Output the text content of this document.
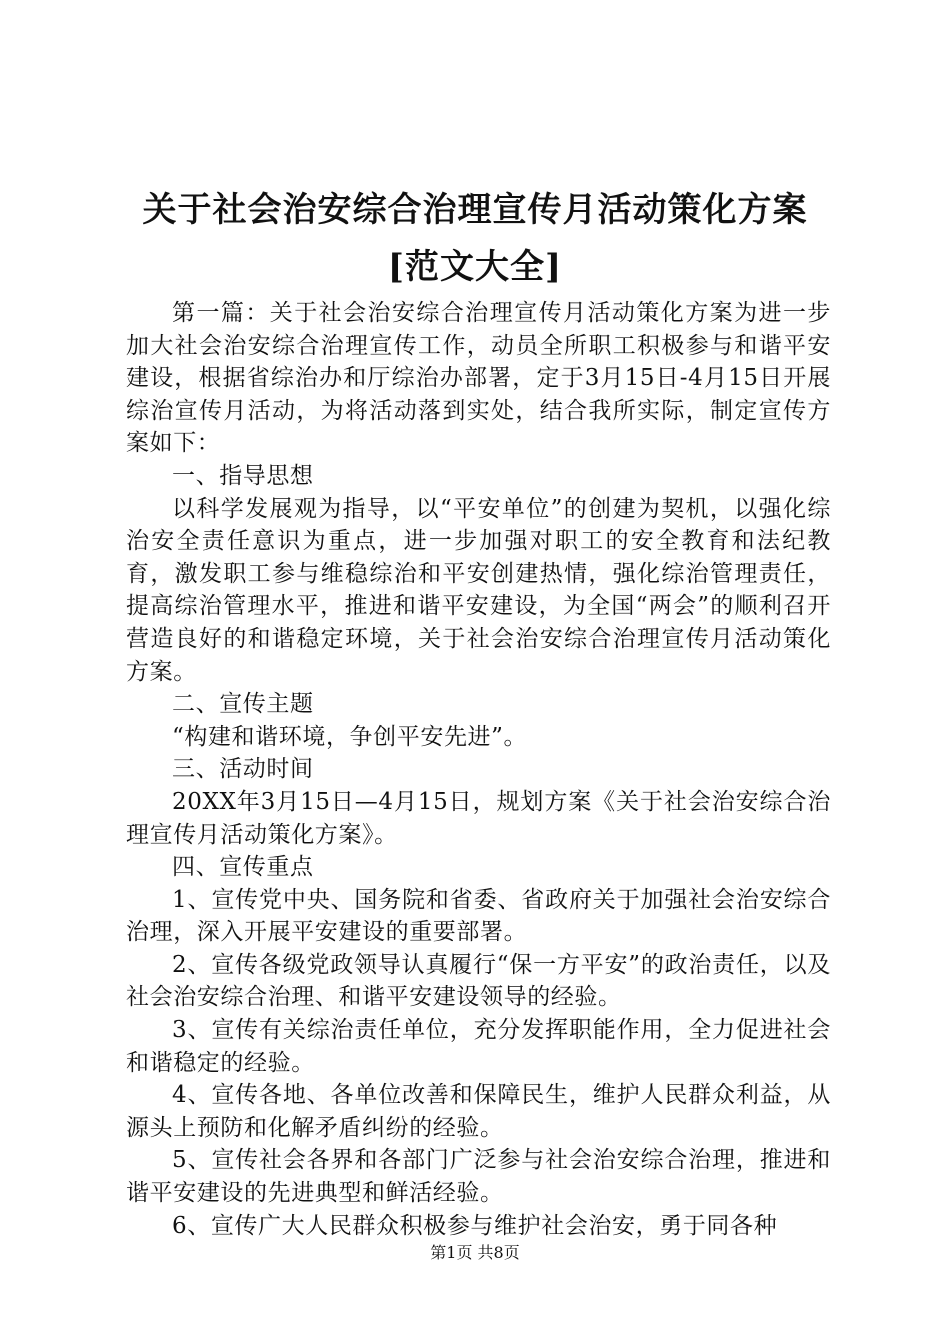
关于社会治安综合治理宣传月活动策化方案
[范文大全]

第一篇：关于社会治安综合治理宣传月活动策化方案为进一步加大社会治安综合治理宣传工作，动员全所职工积极参与和谐平安建设，根据省综治办和厅综治办部署，定于3月15日-4月15日开展综治宣传月活动，为将活动落到实处，结合我所实际，制定宣传方案如下：

一、指导思想

以科学发展观为指导，以“平安单位”的创建为契机，以强化综治安全责任意识为重点，进一步加强对职工的安全教育和法纪教育，激发职工参与维稳综治和平安创建热情，强化综治管理责任，提高综治管理水平，推进和谐平安建设，为全国“两会”的顺利召开营造良好的和谐稳定环境，关于社会治安综合治理宣传月活动策化方案。

二、宣传主题

“构建和谐环境，争创平安先进”。

三、活动时间

20XX年3月15日—4月15日，规划方案《关于社会治安综合治理宣传月活动策化方案》。

四、宣传重点

1、宣传党中央、国务院和省委、省政府关于加强社会治安综合治理，深入开展平安建设的重要部署。

2、宣传各级党政领导认真履行“保一方平安”的政治责任，以及社会治安综合治理、和谐平安建设领导的经验。

3、宣传有关综治责任单位，充分发挥职能作用，全力促进社会和谐稳定的经验。

4、宣传各地、各单位改善和保障民生，维护人民群众利益，从源头上预防和化解矛盾纠纷的经验。

5、宣传社会各界和各部门广泛参与社会治安综合治理，推进和谐平安建设的先进典型和鲜活经验。

6、宣传广大人民群众积极参与维护社会治安，勇于同各种

第1页 共8页
